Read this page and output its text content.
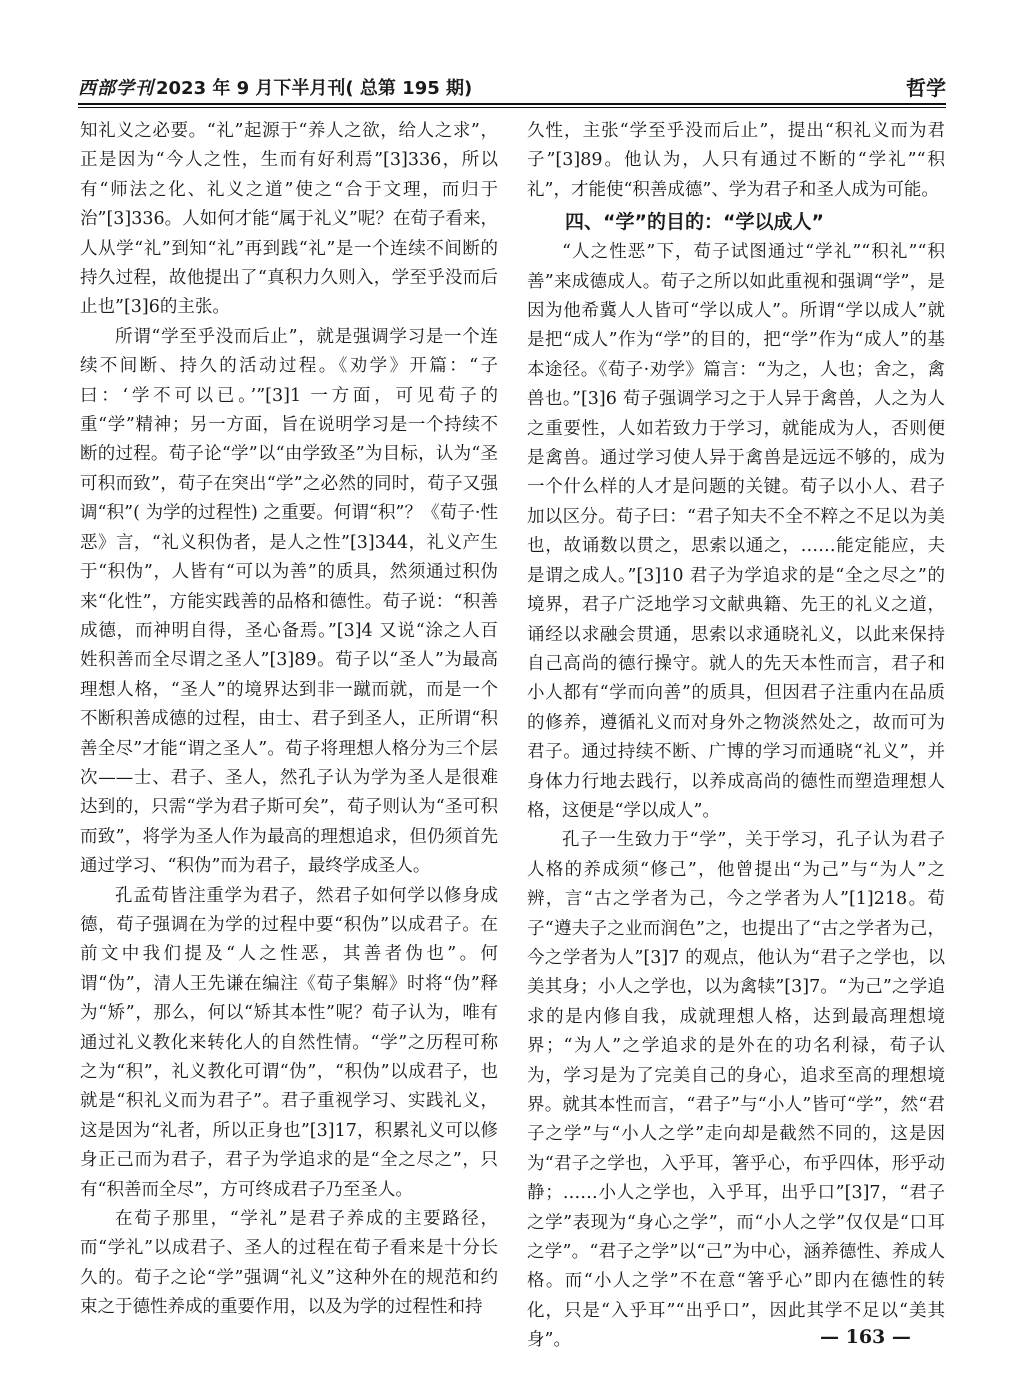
西部学刊 2023 年 9 月下半月刊( 总第 195 期)	哲学

知礼义之必要。“礼”起源于“养人之欲，给人之求”，正是因为“今人之性，生而有好利焉”[3]336，所以有“师法之化、礼义之道”使之“合于文理，而归于治”[3]336。人如何才能“属于礼义”呢？在荀子看来，人从学“礼”到知“礼”再到践“礼”是一个连续不间断的持久过程，故他提出了“真积力久则入，学至乎没而后止也”[3]6的主张。

所谓“学至乎没而后止”，就是强调学习是一个连续不间断、持久的活动过程。《劝学》开篇：“子曰：‘学不可以已。’”[3]1 一方面，可见荀子的重“学”精神；另一方面，旨在说明学习是一个持续不断的过程。荀子论“学”以“由学致圣”为目标，认为“圣可积而致”，荀子在突出“学”之必然的同时，荀子又强调“积”( 为学的过程性) 之重要。何谓“积”？《荀子·性恶》言，“礼义积伪者，是人之性”[3]344，礼义产生于“积伪”，人皆有“可以为善”的质具，然须通过积伪来“化性”，方能实践善的品格和德性。荀子说：“积善成德，而神明自得，圣心备焉。”[3]4 又说“涂之人百姓积善而全尽谓之圣人”[3]89。荀子以“圣人”为最高理想人格，“圣人”的境界达到非一蹴而就，而是一个不断积善成德的过程，由士、君子到圣人，正所谓“积善全尽”才能“谓之圣人”。荀子将理想人格分为三个层次——士、君子、圣人，然孔子认为学为圣人是很难达到的，只需“学为君子斯可矣”，荀子则认为“圣可积而致”，将学为圣人作为最高的理想追求，但仍须首先通过学习、“积伪”而为君子，最终学成圣人。

孔孟荀皆注重学为君子，然君子如何学以修身成德，荀子强调在为学的过程中要“积伪”以成君子。在前文中我们提及“人之性恶，其善者伪也”。何谓“伪”，清人王先谦在编注《荀子集解》时将“伪”释为“矫”，那么，何以“矫其本性”呢？荀子认为，唯有通过礼义教化来转化人的自然性情。“学”之历程可称之为“积”，礼义教化可谓“伪”，“积伪”以成君子，也就是“积礼义而为君子”。君子重视学习、实践礼义，这是因为“礼者，所以正身也”[3]17，积累礼义可以修身正己而为君子，君子为学追求的是“全之尽之”，只有“积善而全尽”，方可终成君子乃至圣人。

在荀子那里，“学礼”是君子养成的主要路径，而“学礼”以成君子、圣人的过程在荀子看来是十分长久的。荀子之论“学”强调“礼义”这种外在的规范和约束之于德性养成的重要作用，以及为学的过程性和持

久性，主张“学至乎没而后止”，提出“积礼义而为君子”[3]89。他认为，人只有通过不断的“学礼”“积礼”，才能使“积善成德”、学为君子和圣人成为可能。

四、“学”的目的：“学以成人”

“人之性恶”下，荀子试图通过“学礼”“积礼”“积善”来成德成人。荀子之所以如此重视和强调“学”，是因为他希冀人人皆可“学以成人”。所谓“学以成人”就是把“成人”作为“学”的目的，把“学”作为“成人”的基本途径。《荀子·劝学》篇言：“为之，人也；舍之，禽兽也。”[3]6 荀子强调学习之于人异于禽兽，人之为人之重要性，人如若致力于学习，就能成为人，否则便是禽兽。通过学习使人异于禽兽是远远不够的，成为一个什么样的人才是问题的关键。荀子以小人、君子加以区分。荀子曰：“君子知夫不全不粹之不足以为美也，故诵数以贯之，思索以通之，……能定能应，夫是谓之成人。”[3]10 君子为学追求的是“全之尽之”的境界，君子广泛地学习文献典籍、先王的礼义之道，诵经以求融会贯通，思索以求通晓礼义，以此来保持自己高尚的德行操守。就人的先天本性而言，君子和小人都有“学而向善”的质具，但因君子注重内在品质的修养，遵循礼义而对身外之物淡然处之，故而可为君子。通过持续不断、广博的学习而通晓“礼义”，并身体力行地去践行，以养成高尚的德性而塑造理想人格，这便是“学以成人”。

孔子一生致力于“学”，关于学习，孔子认为君子人格的养成须“修己”，他曾提出“为己”与“为人”之辨，言“古之学者为己，今之学者为人”[1]218。荀子“遵夫子之业而润色”之，也提出了“古之学者为己，今之学者为人”[3]7 的观点，他认为“君子之学也，以美其身；小人之学也，以为禽犊”[3]7。“为己”之学追求的是内修自我，成就理想人格，达到最高理想境界；“为人”之学追求的是外在的功名利禄，荀子认为，学习是为了完美自己的身心，追求至高的理想境界。就其本性而言，“君子”与“小人”皆可“学”，然“君子之学”与“小人之学”走向却是截然不同的，这是因为“君子之学也，入乎耳，箸乎心，布乎四体，形乎动静；……小人之学也，入乎耳，出乎口”[3]7，“君子之学”表现为“身心之学”，而“小人之学”仅仅是“口耳之学”。“君子之学”以“己”为中心，涵养德性、养成人格。而“小人之学”不在意“箸乎心”即内在德性的转化，只是“入乎耳”“出乎口”，因此其学不足以“美其身”。	— 163 —
